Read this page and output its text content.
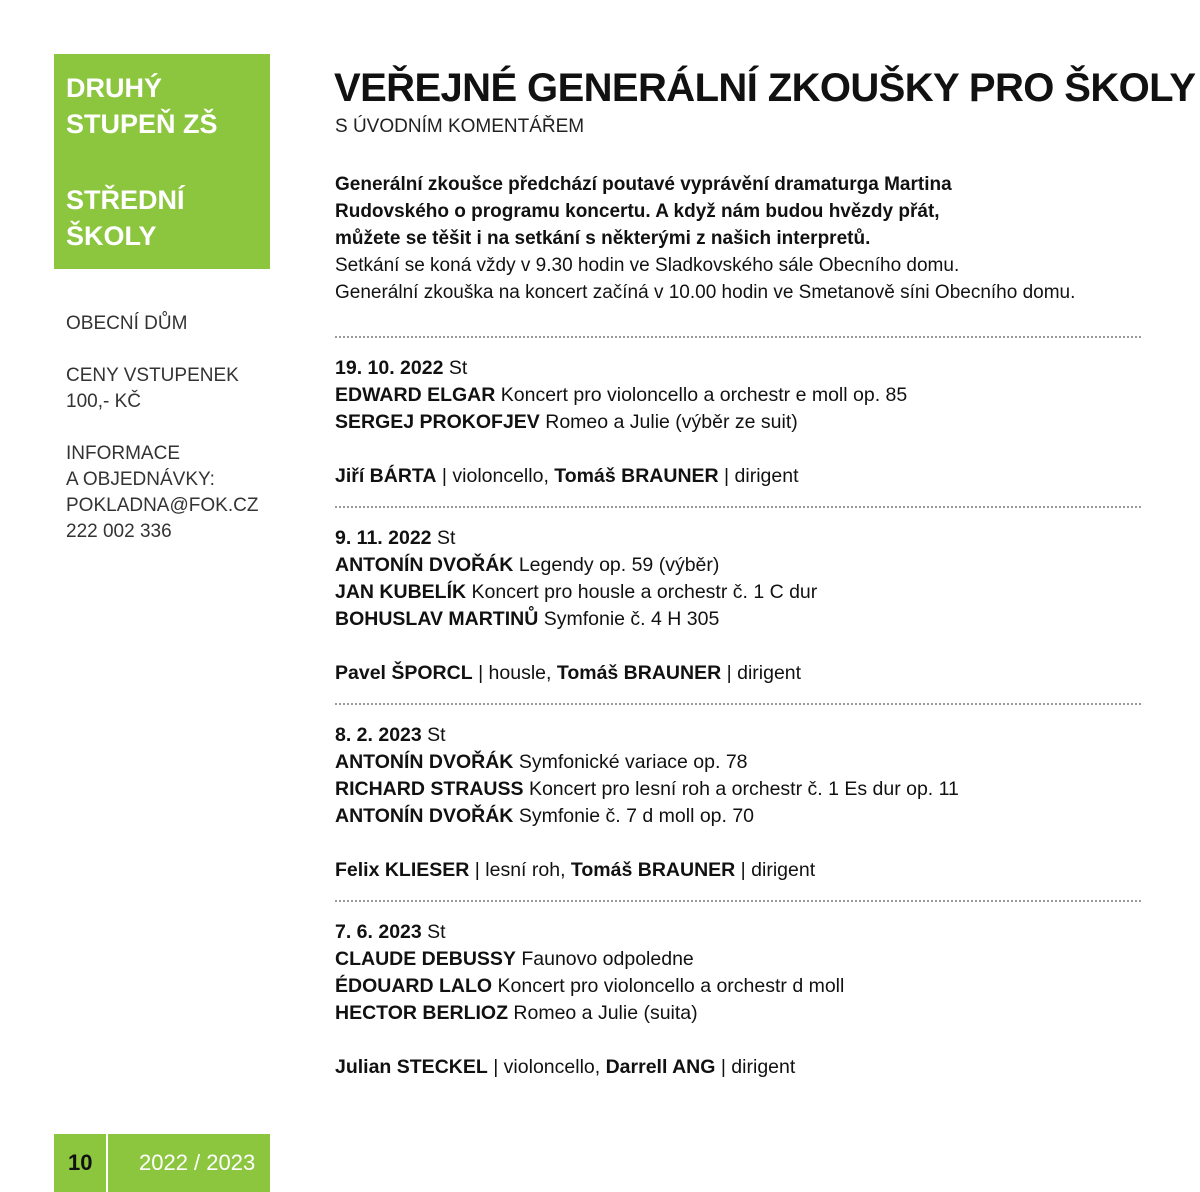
DRUHÝ
STUPEŇ ZŠ
STŘEDNÍ
ŠKOLY
OBECNÍ DŮM
CENY VSTUPENEK
100,- KČ
INFORMACE
A OBJEDNÁVKY:
POKLADNA@FOK.CZ
222 002 336
VEŘEJNÉ GENERÁLNÍ ZKOUŠKY PRO ŠKOLY
S ÚVODNÍM KOMENTÁŘEM
Generální zkoušce předchází poutavé vyprávění dramaturga Martina
Rudovského o programu koncertu. A když nám budou hvězdy přát,
můžete se těšit i na setkání s některými z našich interpretů.
Setkání se koná vždy v 9.30 hodin ve Sladkovského sále Obecního domu.
Generální zkouška na koncert začíná v 10.00 hodin ve Smetanově síni Obecního domu.
19. 10. 2022 St
EDWARD ELGAR Koncert pro violoncello a orchestr e moll op. 85
SERGEJ PROKOFJEV Romeo a Julie (výběr ze suit)
Jiří BÁRTA | violoncello, Tomáš BRAUNER | dirigent
9. 11. 2022 St
ANTONÍN DVOŘÁK Legendy op. 59 (výběr)
JAN KUBELÍK Koncert pro housle a orchestr č. 1 C dur
BOHUSLAV MARTINŮ Symfonie č. 4 H 305
Pavel ŠPORCL | housle, Tomáš BRAUNER | dirigent
8. 2. 2023 St
ANTONÍN DVOŘÁK Symfonické variace op. 78
RICHARD STRAUSS Koncert pro lesní roh a orchestr č. 1 Es dur op. 11
ANTONÍN DVOŘÁK Symfonie č. 7 d moll op. 70
Felix KLIESER | lesní roh, Tomáš BRAUNER | dirigent
7. 6. 2023 St
CLAUDE DEBUSSY Faunovo odpoledne
ÉDOUARD LALO Koncert pro violoncello a orchestr d moll
HECTOR BERLIOZ Romeo a Julie (suita)
Julian STECKEL | violoncello, Darrell ANG | dirigent
10	2022 / 2023
